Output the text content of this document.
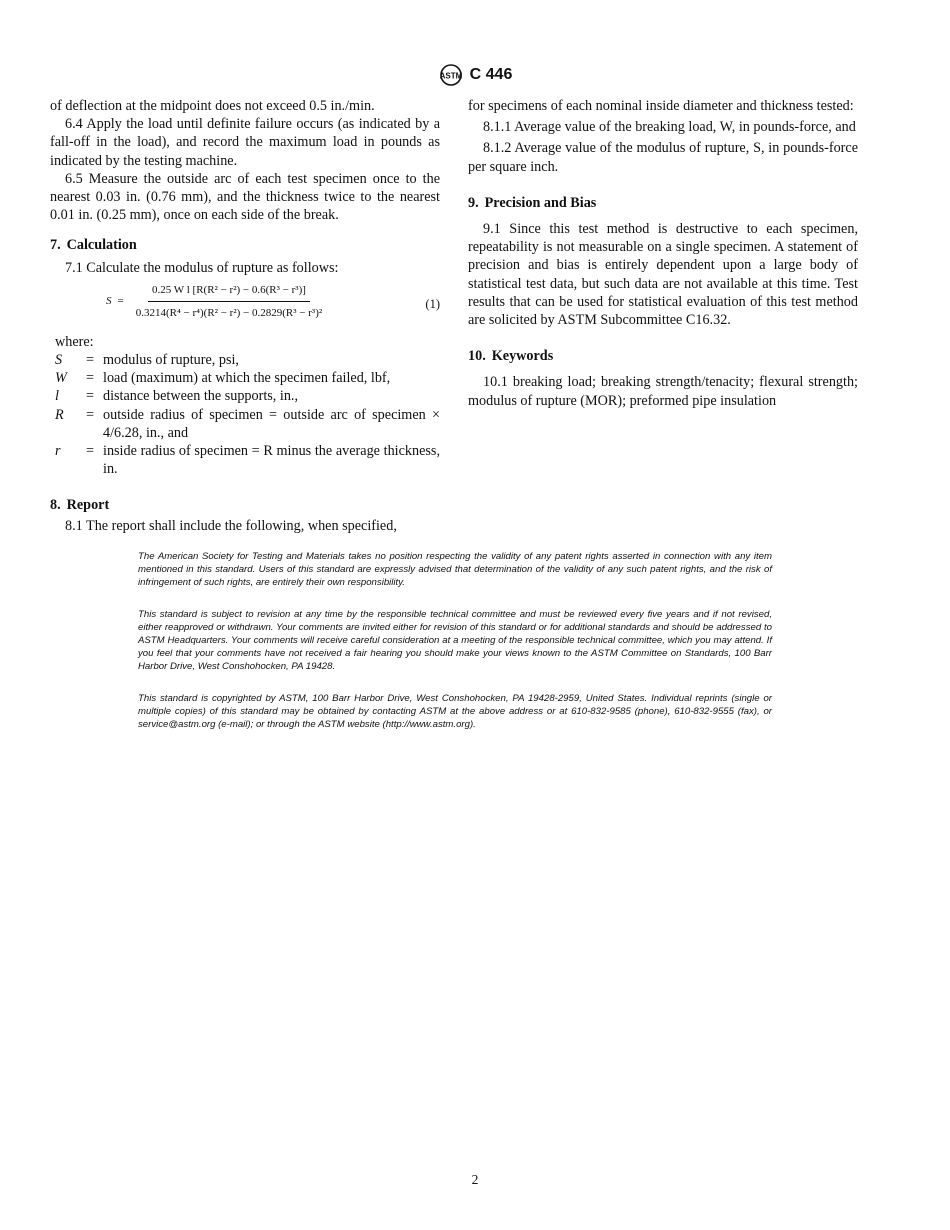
ASTM C 446

of deflection at the midpoint does not exceed 0.5 in./min.

6.4 Apply the load until definite failure occurs (as indicated by a fall-off in the load), and record the maximum load in pounds as indicated by the testing machine.

6.5 Measure the outside arc of each test specimen once to the nearest 0.03 in. (0.76 mm), and the thickness twice to the nearest 0.01 in. (0.25 mm), once on each side of the break.

7. Calculation

7.1 Calculate the modulus of rupture as follows:

$S = \frac{\text{0.25 W l [R(R² − r²) − 0.6(R³ − r³)]}}{\text{0.3214(R⁴ − r⁴)(R² − r²) − 0.2829(R³ − r³)²}}$	(1)

where:

S	= modulus of rupture, psi,
W	= load (maximum) at which the specimen failed, lbf,
l	= distance between the supports, in.,
R	= outside radius of specimen = outside arc of specimen × 4/6.28, in., and
r	= inside radius of specimen = R minus the average thickness, in.
8. Report

8.1 The report shall include the following, when specified,

for specimens of each nominal inside diameter and thickness tested:

8.1.1 Average value of the breaking load, W, in pounds-force, and

8.1.2 Average value of the modulus of rupture, S, in pounds-force per square inch.

9. Precision and Bias

9.1 Since this test method is destructive to each specimen, repeatability is not measurable on a single specimen. A statement of precision and bias is entirely dependent upon a large body of statistical test data, but such data are not available at this time. Test results that can be used for statistical evaluation of this test method are solicited by ASTM Subcommittee C16.32.

10. Keywords

10.1 breaking load; breaking strength/tenacity; flexural strength; modulus of rupture (MOR); preformed pipe insulation

The American Society for Testing and Materials takes no position respecting the validity of any patent rights asserted in connection with any item mentioned in this standard. Users of this standard are expressly advised that determination of the validity of any such patent rights, and the risk of infringement of such rights, are entirely their own responsibility.

This standard is subject to revision at any time by the responsible technical committee and must be reviewed every five years and if not revised, either reapproved or withdrawn. Your comments are invited either for revision of this standard or for additional standards and should be addressed to ASTM Headquarters. Your comments will receive careful consideration at a meeting of the responsible technical committee, which you may attend. If you feel that your comments have not received a fair hearing you should make your views known to the ASTM Committee on Standards, 100 Barr Harbor Drive, West Conshohocken, PA 19428.

This standard is copyrighted by ASTM, 100 Barr Harbor Drive, West Conshohocken, PA 19428-2959, United States. Individual reprints (single or multiple copies) of this standard may be obtained by contacting ASTM at the above address or at 610-832-9585 (phone), 610-832-9555 (fax), or service@astm.org (e-mail); or through the ASTM website (http://www.astm.org).

2
